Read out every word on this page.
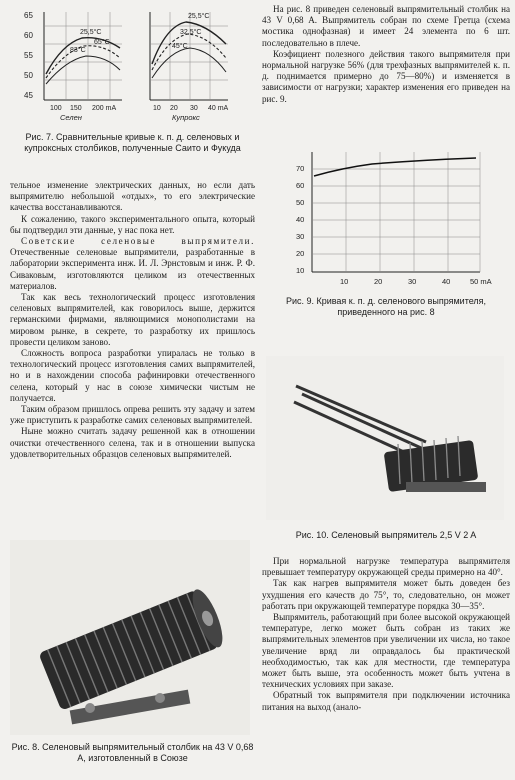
65
60
55
50
45
25,5°C
65°C
83°C
100 150 200 mA
Селен
25,5°C
32,5°C
45°C
10 20 30 40 mA
Купрокс

Рис. 7. Сравнительные кривые к. п. д. селеновых и купроксных столбиков, полученные Саито и Фукуда

тельное изменение электрических данных, но если дать выпрямителю небольшой «отдых», то его электрические качества восстанавливаются.

К сожалению, такого экспериментального опыта, который бы подтвердил эти данные, у нас пока нет.

Советские селеновые выпрямители. Отечественные селеновые выпрямители, разработанные в лаборатории эксперимента инж. И. Л. Эрнстовым и инж. Р. Ф. Сиваковым, изготовляются целиком из отечественных материалов.

Так как весь технологический процесс изготовления селеновых выпрямителей, как говорилось выше, держится германскими фирмами, являющимися монополистами на мировом рынке, в секрете, то разработку их пришлось провести целиком заново.

Сложность вопроса разработки упиралась не только в технологический процесс изготовления самих выпрямителей, но и в нахождении способа рафинировки отечественного селена, который у нас в союзе химически чистым не получается.

Таким образом пришлось опрева решить эту задачу и затем уже приступить к разработке самих селеновых выпрямителей.

Ныне можно считать задачу решенной как в отношении очистки отечественного селена, так и в отношении выпуска удовлетворительных образцов селеновых выпрямителей.

Рис. 8. Селеновый выпрямительный столбик на 43 V 0,68 A, изготовленный в Союзе

На рис. 8 приведен селеновый выпрямительный столбик на 43 V 0,68 A. Выпрямитель собран по схеме Гретца (схема мостика однофазная) и имеет 24 элемента по 6 шт. последовательно в плече.

Коэфициент полезного действия такого выпрямителя при нормальной нагрузке 56% (для трехфазных выпрямителей к. п. д. поднимается примерно до 75—80%) и изменяется в зависимости от нагрузки; характер изменения его приведен на рис. 9.

70
60
50
40
30
20
10
10	20	30	40	50 mA

Рис. 9. Кривая к. п. д. селенового выпрямителя, приведенного на рис. 8

Рис. 10. Селеновый выпрямитель 2,5 V 2 A

При нормальной нагрузке температура выпрямителя превышает температуру окружающей среды примерно на 40°.

Так как нагрев выпрямителя может быть доведен без ухудшения его качеств до 75°, то, следовательно, он может работать при окружающей температуре порядка 30—35°.

Выпрямитель, работающий при более высокой окружающей температуре, легко может быть собран из таких же выпрямительных элементов при увеличении их числа, но такое увеличение вряд ли оправдалось бы практической необходимостью, так как для местности, где температура может быть выше, эта особенность может быть учтена в технических условиях при заказе.

Обратный ток выпрямителя при подключении источника питания на выход (анало-
